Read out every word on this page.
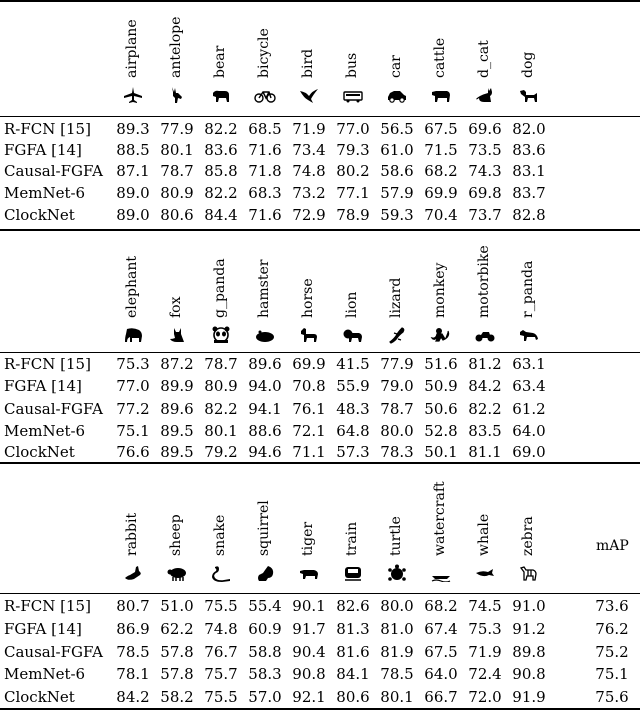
airplane antelope bear bicycle bird bus car cattle d_cat dog
R-FCN [15]	89.3 77.9 82.2 68.5 71.9 77.0 56.5 67.5 69.6 82.0
FGFA [14]	88.5 80.1 83.6 71.6 73.4 79.3 61.0 71.5 73.5 83.6
Causal-FGFA 87.1 78.7 85.8 71.8 74.8 80.2 58.6 68.2 74.3 83.1
MemNet-6	89.0 80.9 82.2 68.3 73.2 77.1 57.9 69.9 69.8 83.7
ClockNet	89.0 80.6 84.4 71.6 72.9 78.9 59.3 70.4 73.7 82.8
elephant fox g_panda hamster horse lion lizard monkey motorbike r_panda
R-FCN [15]	75.3 87.2 78.7 89.6 69.9 41.5 77.9 51.6 81.2 63.1
FGFA [14]	77.0 89.9 80.9 94.0 70.8 55.9 79.0 50.9 84.2 63.4
Causal-FGFA 77.2 89.6 82.2 94.1 76.1 48.3 78.7 50.6 82.2 61.2
MemNet-6	75.1 89.5 80.1 88.6 72.1 64.8 80.0 52.8 83.5 64.0
ClockNet	76.6 89.5 79.2 94.6 71.1 57.3 78.3 50.1 81.1 69.0
rabbit sheep snake squirrel tiger train turtle watercraft whale zebra	mAP
R-FCN [15]	80.7 51.0 75.5 55.4 90.1 82.6 80.0 68.2 74.5 91.0	73.6
FGFA [14]	86.9 62.2 74.8 60.9 91.7 81.3 81.0 67.4 75.3 91.2	76.2
Causal-FGFA 78.5 57.8 76.7 58.8 90.4 81.6 81.9 67.5 71.9 89.8	75.2
MemNet-6	78.1 57.8 75.7 58.3 90.8 84.1 78.5 64.0 72.4 90.8	75.1
ClockNet	84.2 58.2 75.5 57.0 92.1 80.6 80.1 66.7 72.0 91.9	75.6
